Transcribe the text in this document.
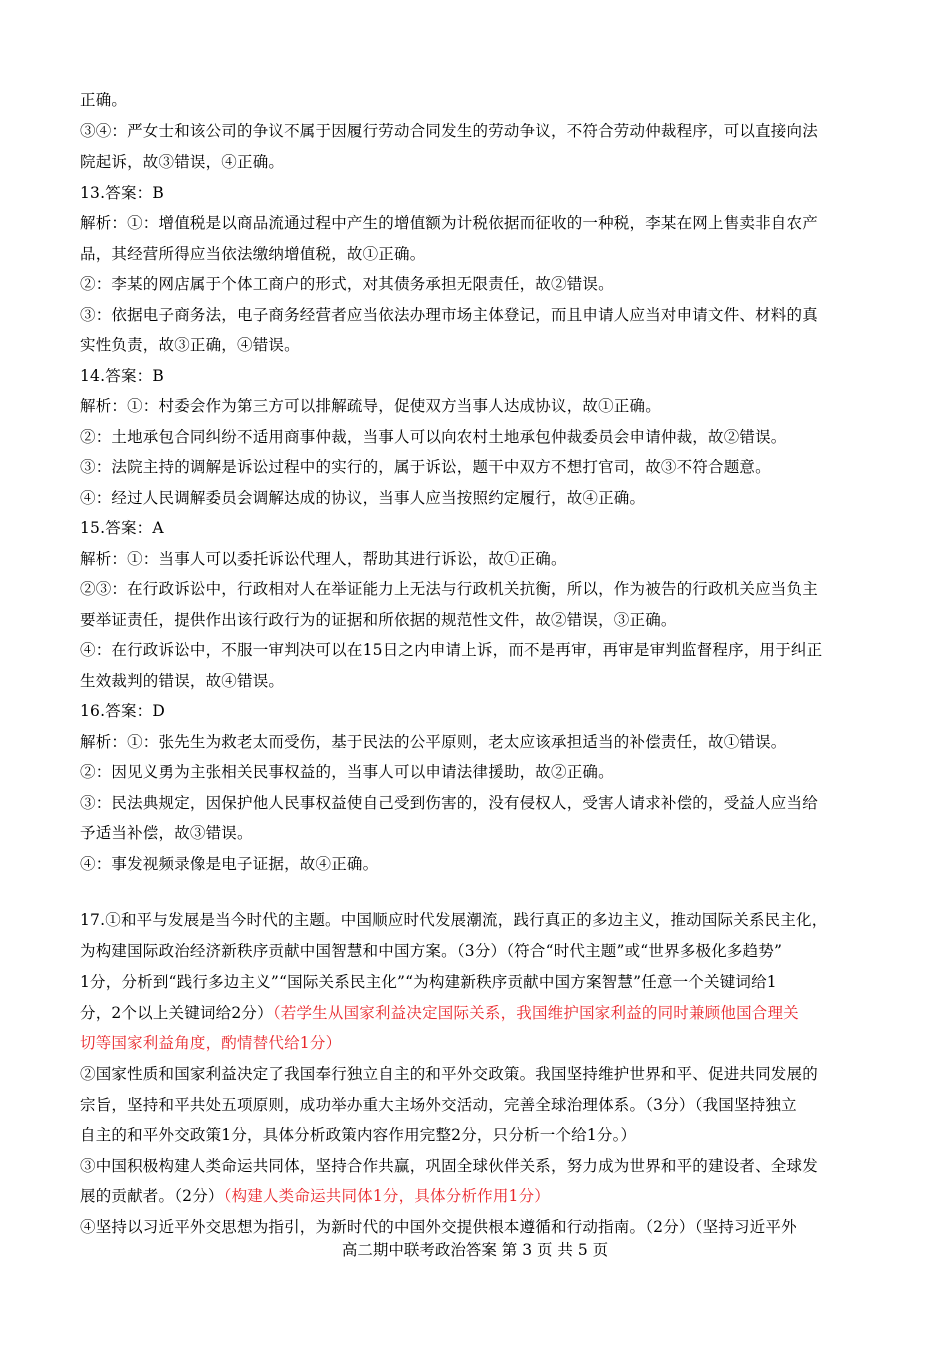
正确。
③④：严女士和该公司的争议不属于因履行劳动合同发生的劳动争议，不符合劳动仲裁程序，可以直接向法
院起诉，故③错误，④正确。
13.答案：B
解析：①：增值税是以商品流通过程中产生的增值额为计税依据而征收的一种税，李某在网上售卖非自农产
品，其经营所得应当依法缴纳增值税，故①正确。
②：李某的网店属于个体工商户的形式，对其债务承担无限责任，故②错误。
③：依据电子商务法，电子商务经营者应当依法办理市场主体登记，而且申请人应当对申请文件、材料的真
实性负责，故③正确，④错误。
14.答案：B
解析：①：村委会作为第三方可以排解疏导，促使双方当事人达成协议，故①正确。
②：土地承包合同纠纷不适用商事仲裁，当事人可以向农村土地承包仲裁委员会申请仲裁，故②错误。
③：法院主持的调解是诉讼过程中的实行的，属于诉讼，题干中双方不想打官司，故③不符合题意。
④：经过人民调解委员会调解达成的协议，当事人应当按照约定履行，故④正确。
15.答案：A
解析：①：当事人可以委托诉讼代理人，帮助其进行诉讼，故①正确。
②③：在行政诉讼中，行政相对人在举证能力上无法与行政机关抗衡，所以，作为被告的行政机关应当负主
要举证责任，提供作出该行政行为的证据和所依据的规范性文件，故②错误，③正确。
④：在行政诉讼中，不服一审判决可以在15日之内申请上诉，而不是再审，再审是审判监督程序，用于纠正
生效裁判的错误，故④错误。
16.答案：D
解析：①：张先生为救老太而受伤，基于民法的公平原则，老太应该承担适当的补偿责任，故①错误。
②：因见义勇为主张相关民事权益的，当事人可以申请法律援助，故②正确。
③：民法典规定，因保护他人民事权益使自己受到伤害的，没有侵权人，受害人请求补偿的，受益人应当给
予适当补偿，故③错误。
④：事发视频录像是电子证据，故④正确。
17.①和平与发展是当今时代的主题。中国顺应时代发展潮流，践行真正的多边主义，推动国际关系民主化，
为构建国际政治经济新秩序贡献中国智慧和中国方案。（3分）（符合“时代主题”或“世界多极化多趋势”
1分，分析到“践行多边主义”“国际关系民主化”“为构建新秩序贡献中国方案智慧”任意一个关键词给1
分，2个以上关键词给2分）（若学生从国家利益决定国际关系，我国维护国家利益的同时兼顾他国合理关
切等国家利益角度，酌情替代给1分）
②国家性质和国家利益决定了我国奉行独立自主的和平外交政策。我国坚持维护世界和平、促进共同发展的
宗旨，坚持和平共处五项原则，成功举办重大主场外交活动，完善全球治理体系。（3分）（我国坚持独立
自主的和平外交政策1分，具体分析政策内容作用完整2分，只分析一个给1分。）
③中国积极构建人类命运共同体，坚持合作共赢，巩固全球伙伴关系，努力成为世界和平的建设者、全球发
展的贡献者。（2分）（构建人类命运共同体1分，具体分析作用1分）
④坚持以习近平外交思想为指引，为新时代的中国外交提供根本遵循和行动指南。（2分）（坚持习近平外
高二期中联考政治答案 第 3 页 共 5 页
